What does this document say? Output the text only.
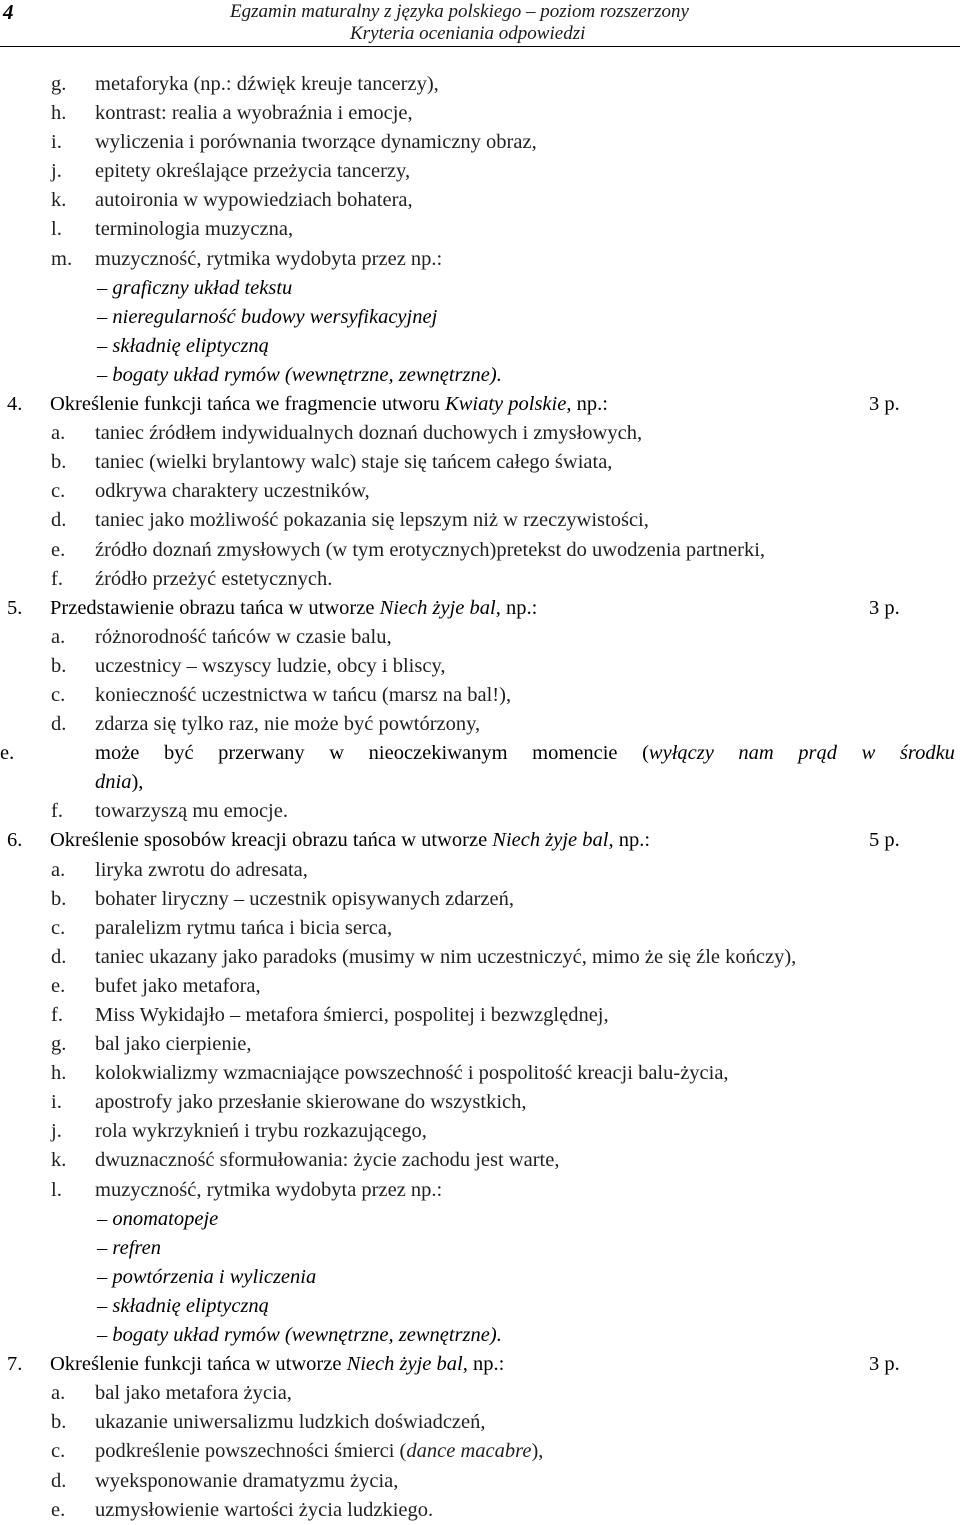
4	Egzamin maturalny z języka polskiego – poziom rozszerzony
Kryteria oceniania odpowiedzi
g. metaforyka (np.: dźwięk kreuje tancerzy),
h. kontrast: realia a wyobraźnia i emocje,
i. wyliczenia i porównania tworzące dynamiczny obraz,
j. epitety określające przeżycia tancerzy,
k. autoironia w wypowiedziach bohatera,
l. terminologia muzyczna,
m. muzyczność, rytmika wydobyta przez np.:
– graficzny układ tekstu
– nieregularność budowy wersyfikacyjnej
– składnię eliptyczną
– bogaty układ rymów (wewnętrzne, zewnętrzne).
4. Określenie funkcji tańca we fragmencie utworu Kwiaty polskie, np.:	3 p.
a. taniec źródłem indywidualnych doznań duchowych i zmysłowych,
b. taniec (wielki brylantowy walc) staje się tańcem całego świata,
c. odkrywa charaktery uczestników,
d. taniec jako możliwość pokazania się lepszym niż w rzeczywistości,
e. źródło doznań zmysłowych (w tym erotycznych)pretekst do uwodzenia partnerki,
f. źródło przeżyć estetycznych.
5. Przedstawienie obrazu tańca w utworze Niech żyje bal, np.:	3 p.
a. różnorodność tańców w czasie balu,
b. uczestnicy – wszyscy ludzie, obcy i bliscy,
c. konieczność uczestnictwa w tańcu (marsz na bal!),
d. zdarza się tylko raz, nie może być powtórzony,
e.	może być przerwany w nieoczekiwanym momencie (wyłączy nam prąd w środku
dnia),
f. towarzyszą mu emocje.
6. Określenie sposobów kreacji obrazu tańca w utworze Niech żyje bal, np.:	5 p.
a. liryka zwrotu do adresata,
b. bohater liryczny – uczestnik opisywanych zdarzeń,
c. paralelizm rytmu tańca i bicia serca,
d. taniec ukazany jako paradoks (musimy w nim uczestniczyć, mimo że się źle kończy),
e. bufet jako metafora,
f. Miss Wykidajło – metafora śmierci, pospolitej i bezwzględnej,
g. bal jako cierpienie,
h. kolokwializmy wzmacniające powszechność i pospolitość kreacji balu-życia,
i. apostrofy jako przesłanie skierowane do wszystkich,
j. rola wykrzyknień i trybu rozkazującego,
k. dwuznaczność sformułowania: życie zachodu jest warte,
l. muzyczność, rytmika wydobyta przez np.:
– onomatopeje
– refren
– powtórzenia i wyliczenia
– składnię eliptyczną
– bogaty układ rymów (wewnętrzne, zewnętrzne).
7. Określenie funkcji tańca w utworze Niech żyje bal, np.:	3 p.
a. bal jako metafora życia,
b. ukazanie uniwersalizmu ludzkich doświadczeń,
c. podkreślenie powszechności śmierci (dance macabre),
d. wyeksponowanie dramatyzmu życia,
e. uzmysłowienie wartości życia ludzkiego.
